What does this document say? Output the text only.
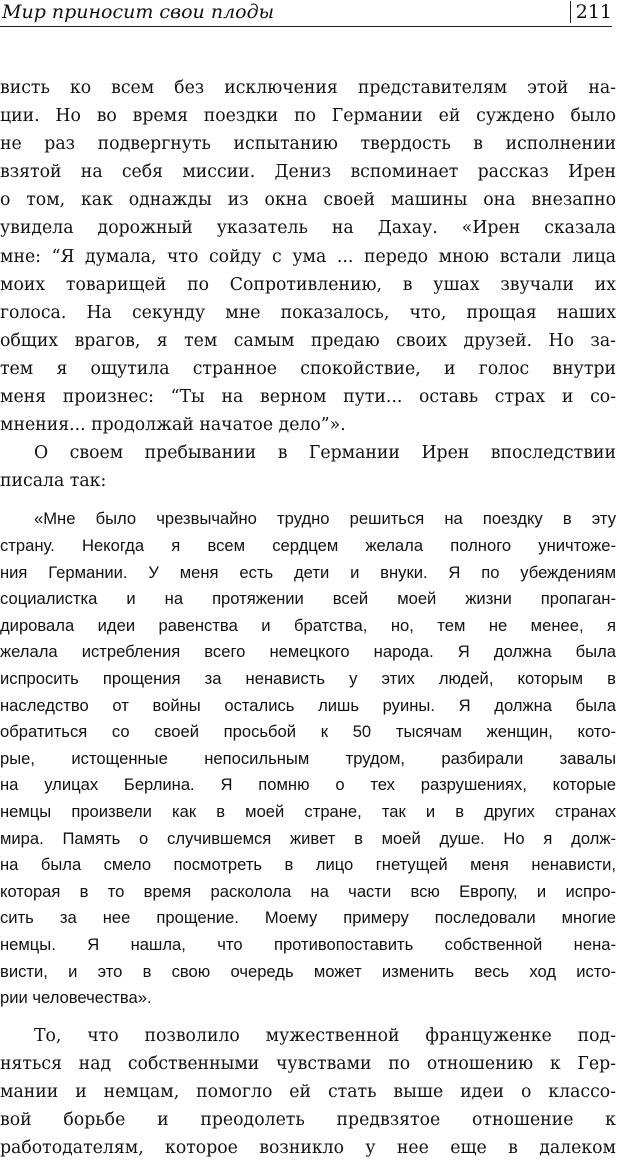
Мир приносит свои плоды	211

висть ко всем без исключения представителям этой на-
ции. Но во время поездки по Германии ей суждено было
не раз подвергнуть испытанию твердость в исполнении
взятой на себя миссии. Дениз вспоминает рассказ Ирен
о том, как однажды из окна своей машины она внезапно
увидела дорожный указатель на Дахау. «Ирен сказала
мне: “Я думала, что сойду с ума ... передо мною встали лица
моих товарищей по Сопротивлению, в ушах звучали их
голоса. На секунду мне показалось, что, прощая наших
общих врагов, я тем самым предаю своих друзей. Но за-
тем я ощутила странное спокойствие, и голос внутри
меня произнес: “Ты на верном пути... оставь страх и со-
мнения... продолжай начатое дело”».

О своем пребывании в Германии Ирен впоследствии
писала так:

«Мне было чрезвычайно трудно решиться на поездку в эту
страну. Некогда я всем сердцем желала полного уничтоже-
ния Германии. У меня есть дети и внуки. Я по убеждениям
социалистка и на протяжении всей моей жизни пропаган-
дировала идеи равенства и братства, но, тем не менее, я
желала истребления всего немецкого народа. Я должна была
испросить прощения за ненависть у этих людей, которым в
наследство от войны остались лишь руины. Я должна была
обратиться со своей просьбой к 50 тысячам женщин, кото-
рые, истощенные непосильным трудом, разбирали завалы
на улицах Берлина. Я помню о тех разрушениях, которые
немцы произвели как в моей стране, так и в других странах
мира. Память о случившемся живет в моей душе. Но я долж-
на была смело посмотреть в лицо гнетущей меня ненависти,
которая в то время расколола на части всю Европу, и испро-
сить за нее прощение. Моему примеру последовали многие
немцы. Я нашла, что противопоставить собственной нена-
висти, и это в свою очередь может изменить весь ход исто-
рии человечества».

То, что позволило мужественной француженке под-
няться над собственными чувствами по отношению к Гер-
мании и немцам, помогло ей стать выше идеи о классо-
вой борьбе и преодолеть предвзятое отношение к
работодателям, которое возникло у нее еще в далеком
